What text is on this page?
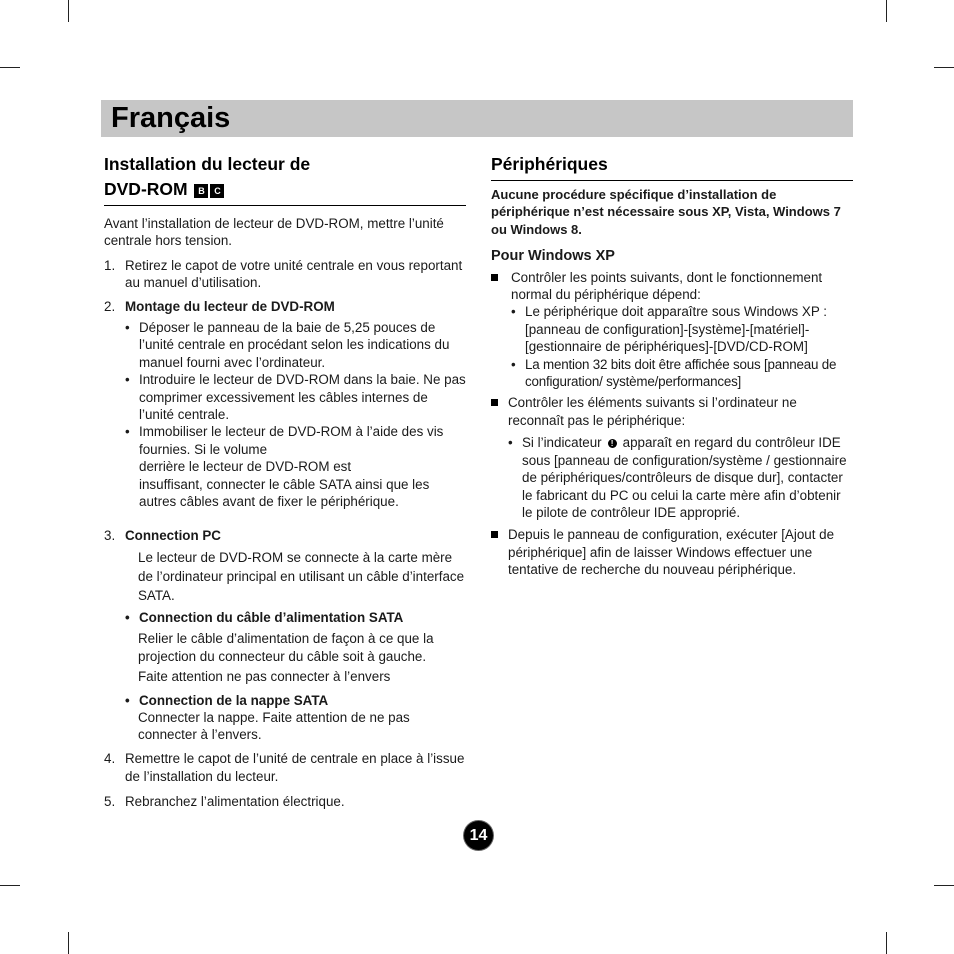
Français
Installation du lecteur de
DVD-ROM B C

Avant l’installation de lecteur de DVD-ROM, mettre l’unité centrale hors tension.

1. Retirez le capot de votre unité centrale en vous reportant au manuel d’utilisation.
2. Montage du lecteur de DVD-ROM
• Déposer le panneau de la baie de 5,25 pouces de l’unité centrale en procédant selon les indications du manuel fourni avec l’ordinateur.
• Introduire le lecteur de DVD-ROM dans la baie. Ne pas comprimer excessivement les câbles internes de l’unité centrale.
• Immobiliser le lecteur de DVD-ROM à l’aide des vis fournies. Si le volume
derrière le lecteur de DVD-ROM est
insuffisant, connecter le câble SATA ainsi que les autres câbles avant de fixer le périphérique.
3. Connection PC
Le lecteur de DVD-ROM se connecte à la carte mère de l’ordinateur principal en utilisant un câble d’interface SATA.
• Connection du câble d’alimentation SATA
Relier le câble d’alimentation de façon à ce que la projection du connecteur du câble soit à gauche.
Faite attention ne pas connecter à l’envers
• Connection de la nappe SATA
Connecter la nappe. Faite attention de ne pas connecter à l’envers.
4. Remettre le capot de l’unité de centrale en place à l’issue de l’installation du lecteur.
5. Rebranchez l’alimentation électrique.
Périphériques

Aucune procédure spécifique d’installation de périphérique n’est nécessaire sous XP, Vista, Windows 7 ou Windows 8.

Pour Windows XP

Contrôler les points suivants, dont le fonctionnement normal du périphérique dépend:
• Le périphérique doit apparaître sous Windows XP : [panneau de configuration]-[système]-[matériel]-[gestionnaire de périphériques]-[DVD/CD-ROM]
• La mention 32 bits doit être affichée sous [panneau de configuration/ système/performances]
Contrôler les éléments suivants si l’ordinateur ne reconnaît pas le périphérique:
• Si l’indicateur ! apparaît en regard du contrôleur IDE sous [panneau de configuration/système / gestionnaire de périphériques/contrôleurs de disque dur], contacter le fabricant du PC ou celui la carte mère afin d’obtenir le pilote de contrôleur IDE approprié.
Depuis le panneau de configuration, exécuter [Ajout de périphérique] afin de laisser Windows effectuer une tentative de recherche du nouveau périphérique.
14
